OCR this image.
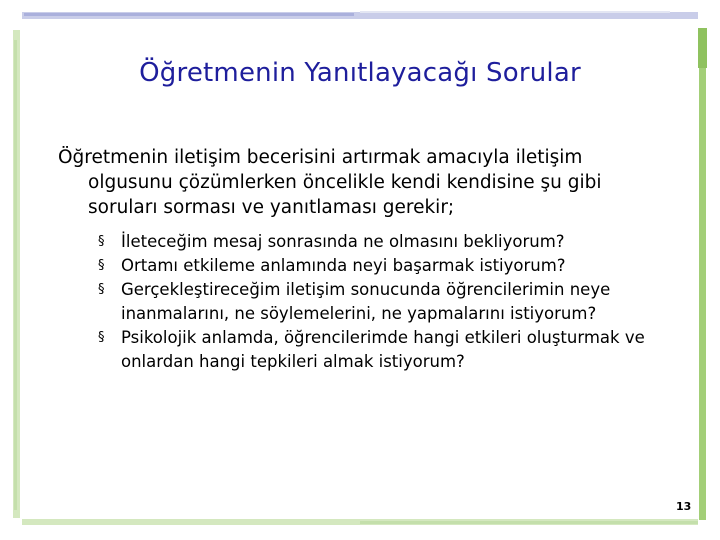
Öğretmenin Yanıtlayacağı Sorular

Öğretmenin iletişim becerisini artırmak amacıyla iletişim olgusunu çözümlerken öncelikle kendi kendisine şu gibi soruları sorması ve yanıtlaması gerekir;

§ İleteceğim mesaj sonrasında ne olmasını bekliyorum?
§ Ortamı etkileme anlamında neyi başarmak istiyorum?
§ Gerçekleştireceğim iletişim sonucunda öğrencilerimin neye inanmalarını, ne söylemelerini, ne yapmalarını istiyorum?
§ Psikolojik anlamda, öğrencilerimde hangi etkileri oluşturmak ve onlardan hangi tepkileri almak istiyorum?
13
